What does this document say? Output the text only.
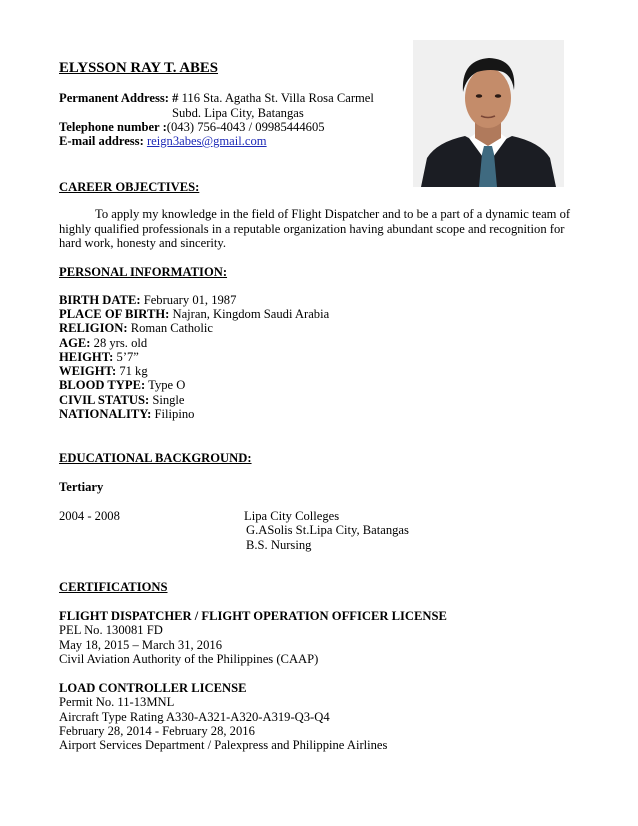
ELYSSON RAY T. ABES
Permanent Address: # 116 Sta. Agatha St. Villa Rosa Carmel
Subd. Lipa City, Batangas
Telephone number :(043) 756-4043 / 09985444605
E-mail address: reign3abes@gmail.com
CAREER OBJECTIVES:
To apply my knowledge in the field of Flight Dispatcher and to be a part of a dynamic team of highly qualified professionals in a reputable organization having abundant scope and recognition for hard work, honesty and sincerity.
PERSONAL INFORMATION:
BIRTH DATE: February 01, 1987
PLACE OF BIRTH: Najran, Kingdom Saudi Arabia
RELIGION: Roman Catholic
AGE: 28 yrs. old
HEIGHT: 5’7”
WEIGHT: 71 kg
BLOOD TYPE: Type O
CIVIL STATUS: Single
NATIONALITY: Filipino
EDUCATIONAL BACKGROUND:
Tertiary
2004 - 2008	Lipa City Colleges
G.ASolis St.Lipa City, Batangas
B.S. Nursing
CERTIFICATIONS
FLIGHT DISPATCHER / FLIGHT OPERATION OFFICER LICENSE
PEL No. 130081 FD
May 18, 2015 – March 31, 2016
Civil Aviation Authority of the Philippines (CAAP)
LOAD CONTROLLER LICENSE
Permit No. 11-13MNL
Aircraft Type Rating A330-A321-A320-A319-Q3-Q4
February 28, 2014 - February 28, 2016
Airport Services Department / Palexpress and Philippine Airlines
